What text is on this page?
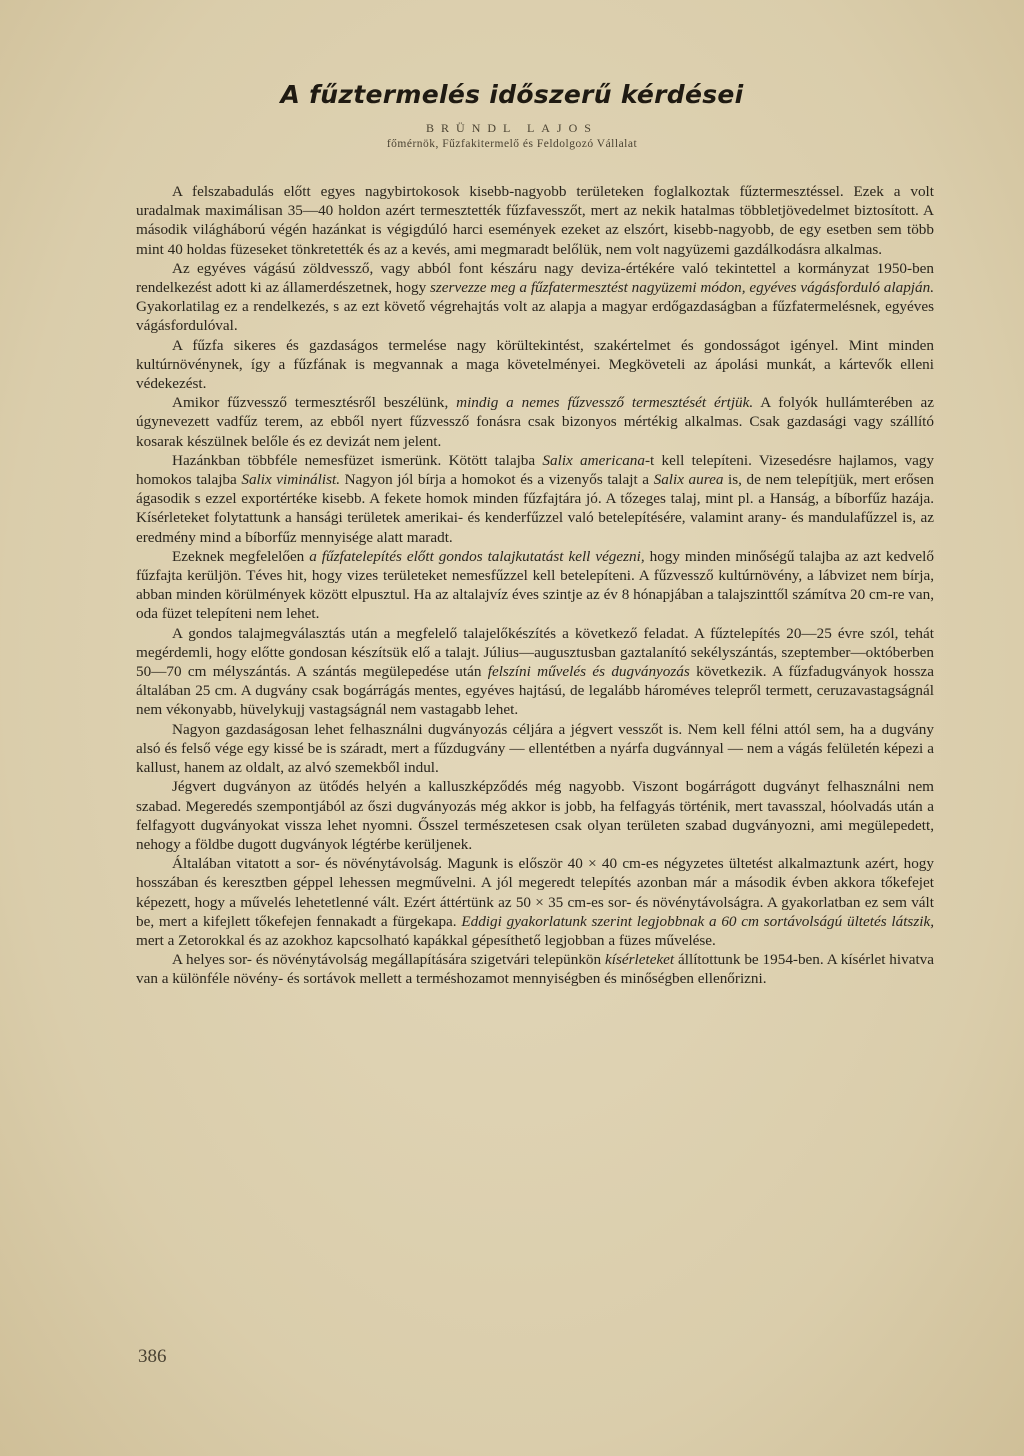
A fűztermelés időszerű kérdései
BRÜNDL LAJOS
főmérnök, Fűzfakitermelő és Feldolgozó Vállalat

A felszabadulás előtt egyes nagybirtokosok kisebb-nagyobb területeken foglalkoztak fűztermesztéssel. Ezek a volt uradalmak maximálisan 35—40 holdon azért termesztették fűzfavesszőt, mert az nekik hatalmas többletjövedelmet biztosított. A második világháború végén hazánkat is végigdúló harci események ezeket az elszórt, kisebb-nagyobb, de egy esetben sem több mint 40 holdas füzeseket tönkretették és az a kevés, ami megmaradt belőlük, nem volt nagyüzemi gazdálkodásra alkalmas.

Az egyéves vágású zöldvessző, vagy abból font készáru nagy deviza-értékére való tekintettel a kormányzat 1950-ben rendelkezést adott ki az államerdészetnek, hogy szervezze meg a fűzfatermesztést nagyüzemi módon, egyéves vágásforduló alapján. Gyakorlatilag ez a rendelkezés, s az ezt követő végrehajtás volt az alapja a magyar erdőgazdaságban a fűzfatermelésnek, egyéves vágásfordulóval.

A fűzfa sikeres és gazdaságos termelése nagy körültekintést, szakértelmet és gondosságot igényel. Mint minden kultúrnövénynek, így a fűzfának is megvannak a maga követelményei. Megköveteli az ápolási munkát, a kártevők elleni védekezést.

Amikor fűzvessző termesztésről beszélünk, mindig a nemes fűzvessző termesztését értjük. A folyók hullámterében az úgynevezett vadfűz terem, az ebből nyert fűzvessző fonásra csak bizonyos mértékig alkalmas. Csak gazdasági vagy szállító kosarak készülnek belőle és ez devizát nem jelent.

Hazánkban többféle nemesfüzet ismerünk. Kötött talajba Salix americana-t kell telepíteni. Vizesedésre hajlamos, vagy homokos talajba Salix viminálist. Nagyon jól bírja a homokot és a vizenyős talajt a Salix aurea is, de nem telepítjük, mert erősen ágasodik s ezzel exportértéke kisebb. A fekete homok minden fűzfajtára jó. A tőzeges talaj, mint pl. a Hanság, a bíborfűz hazája. Kísérleteket folytattunk a hansági területek amerikai- és kenderfűzzel való betelepítésére, valamint arany- és mandulafűzzel is, az eredmény mind a bíborfűz mennyisége alatt maradt.

Ezeknek megfelelően a fűzfatelepítés előtt gondos talajkutatást kell végezni, hogy minden minőségű talajba az azt kedvelő fűzfajta kerüljön. Téves hit, hogy vizes területeket nemesfűzzel kell betelepíteni. A fűzvessző kultúrnövény, a lábvizet nem bírja, abban minden körülmények között elpusztul. Ha az altalajvíz éves szintje az év 8 hónapjában a talajszinttől számítva 20 cm-re van, oda füzet telepíteni nem lehet.

A gondos talajmegválasztás után a megfelelő talajelőkészítés a következő feladat. A fűztelepítés 20—25 évre szól, tehát megérdemli, hogy előtte gondosan készítsük elő a talajt. Július—augusztusban gaztalanító sekélyszántás, szeptember—októberben 50—70 cm mélyszántás. A szántás megülepedése után felszíni művelés és dugványozás következik. A fűzfadugványok hossza általában 25 cm. A dugvány csak bogárrágás mentes, egyéves hajtású, de legalább hároméves telepről termett, ceruzavastagságnál nem vékonyabb, hüvelykujj vastagságnál nem vastagabb lehet.

Nagyon gazdaságosan lehet felhasználni dugványozás céljára a jégvert vesszőt is. Nem kell félni attól sem, ha a dugvány alsó és felső vége egy kissé be is száradt, mert a fűzdugvány — ellentétben a nyárfa dugvánnyal — nem a vágás felületén képezi a kallust, hanem az oldalt, az alvó szemekből indul.

Jégvert dugványon az ütődés helyén a kalluszképződés még nagyobb. Viszont bogárrágott dugványt felhasználni nem szabad. Megeredés szempontjából az őszi dugványozás még akkor is jobb, ha felfagyás történik, mert tavasszal, hóolvadás után a felfagyott dugványokat vissza lehet nyomni. Ősszel természetesen csak olyan területen szabad dugványozni, ami megülepedett, nehogy a földbe dugott dugványok légtérbe kerüljenek.

Általában vitatott a sor- és növénytávolság. Magunk is először 40 × 40 cm-es négyzetes ültetést alkalmaztunk azért, hogy hosszában és keresztben géppel lehessen megművelni. A jól megeredt telepítés azonban már a második évben akkora tőkefejet képezett, hogy a művelés lehetetlenné vált. Ezért áttértünk az 50 × 35 cm-es sor- és növénytávolságra. A gyakorlatban ez sem vált be, mert a kifejlett tőkefejen fennakadt a fürgekapa. Eddigi gyakorlatunk szerint legjobbnak a 60 cm sortávolságú ültetés látszik, mert a Zetorokkal és az azokhoz kapcsolható kapákkal gépesíthető legjobban a füzes művelése.

A helyes sor- és növénytávolság megállapítására szigetvári telepünkön kísérleteket állítottunk be 1954-ben. A kísérlet hivatva van a különféle növény- és sortávok mellett a terméshozamot mennyiségben és minőségben ellenőrizni.

386
